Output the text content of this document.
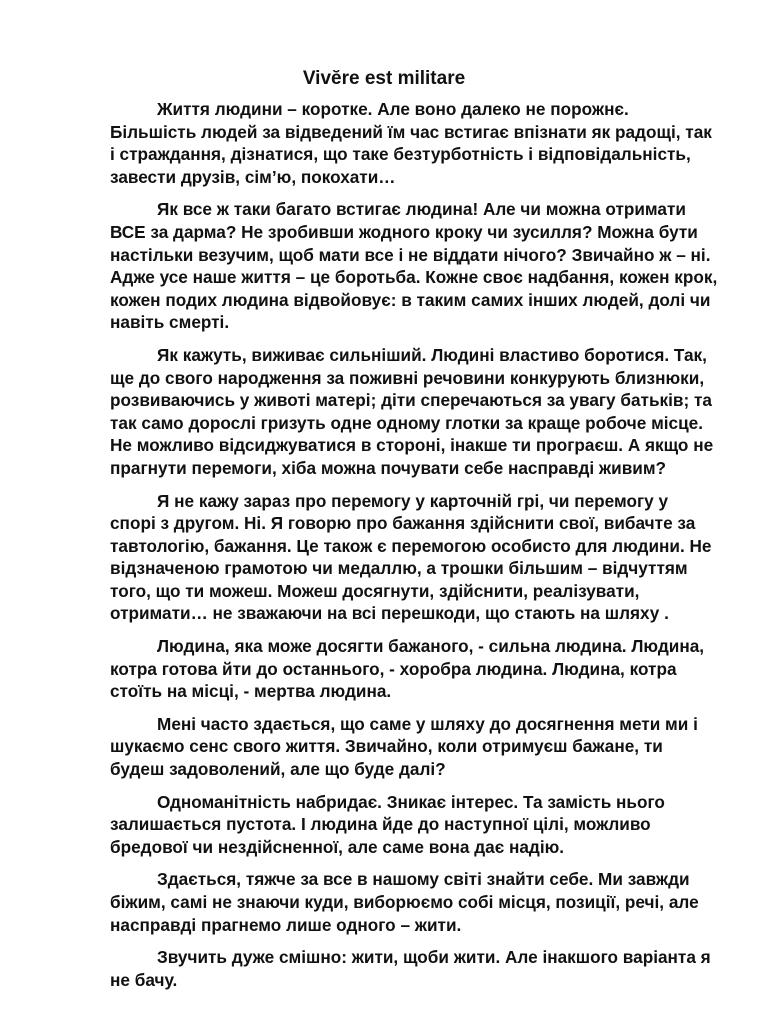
Vivĕre est militare

Життя людини – коротке. Але воно далеко не порожнє. Більшість людей за відведений їм час встигає впізнати як радощі, так і страждання, дізнатися, що таке безтурботність і відповідальність, завести друзів, сім’ю, покохати…

Як все ж таки багато встигає людина! Але чи можна отримати ВСЕ за дарма? Не зробивши жодного кроку чи зусилля? Можна бути настільки везучим, щоб мати все і не віддати нічого? Звичайно ж – ні. Адже усе наше життя – це боротьба. Кожне своє надбання, кожен крок, кожен подих людина відвойовує: в таким самих інших людей, долі чи навіть смерті.

Як кажуть, виживає сильніший. Людині властиво боротися. Так, ще до свого народження за поживні речовини конкурують близнюки, розвиваючись у животі матері; діти сперечаються за увагу батьків; та так само дорослі гризуть одне одному глотки за краще робоче місце. Не можливо відсиджуватися в стороні, інакше ти програєш. А якщо не прагнути перемоги, хіба можна почувати себе насправді живим?

Я не кажу зараз про перемогу у карточній грі, чи перемогу у спорі з другом. Ні. Я говорю про бажання здійснити свої, вибачте за тавтологію, бажання. Це також є перемогою особисто для людини. Не відзначеною грамотою чи медаллю, а трошки більшим – відчуттям того, що ти можеш. Можеш досягнути, здійснити, реалізувати, отримати… не зважаючи на всі перешкоди, що стають на шляху .

Людина, яка може досягти бажаного, - сильна людина. Людина, котра готова йти до останнього, - хоробра людина. Людина, котра стоїть на місці, - мертва людина.

Мені часто здається, що саме у шляху до досягнення мети ми і шукаємо сенс свого життя. Звичайно, коли отримуєш бажане, ти будеш задоволений, але що буде далі?

Одноманітність набридає. Зникає інтерес. Та замість нього залишається пустота. І людина йде до наступної цілі, можливо бредової чи нездійсненної, але саме вона дає надію.

Здається, тяжче за все в нашому світі знайти себе. Ми завжди біжим, самі не знаючи куди, виборюємо собі місця, позиції, речі, але насправді прагнемо лише одного – жити.

Звучить дуже смішно: жити, щоби жити. Але інакшого варіанта я не бачу.
